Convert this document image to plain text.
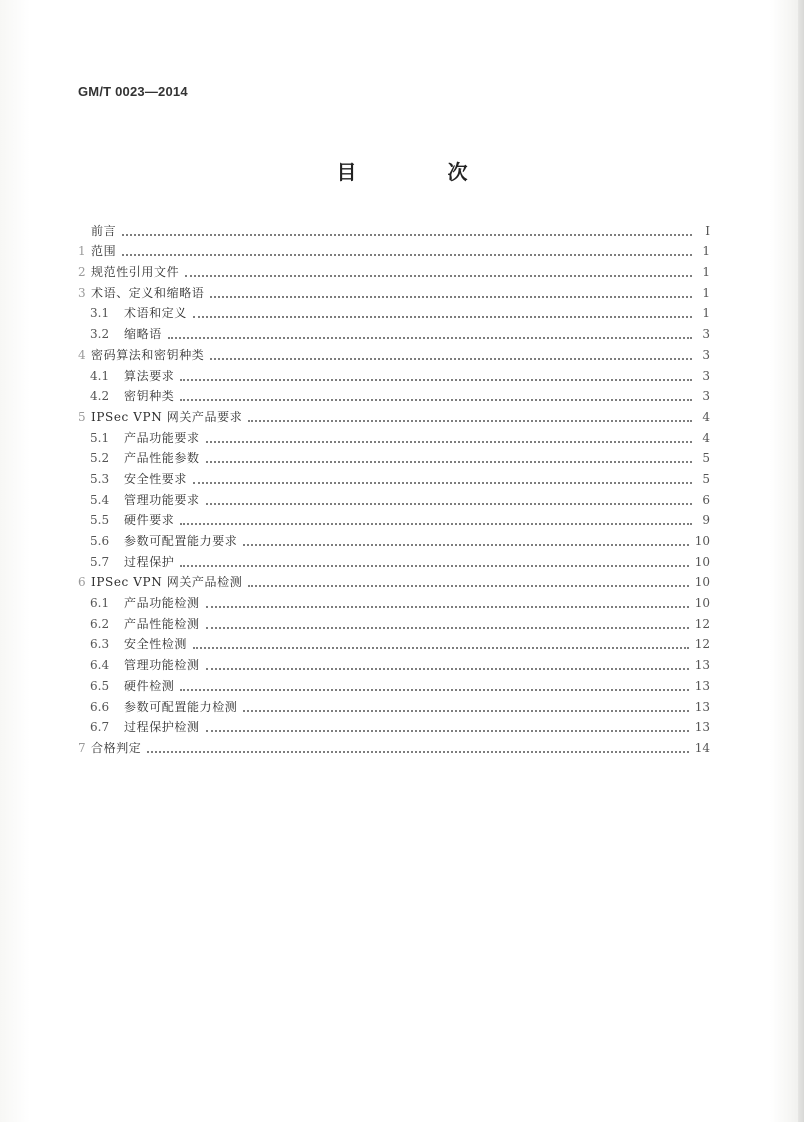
GM/T 0023—2014
目 次
前言	I
1 范围	1
2 规范性引用文件	1
3 术语、定义和缩略语	1
3.1	术语和定义	1
3.2	缩略语	3
4 密码算法和密钥种类	3
4.1	算法要求	3
4.2	密钥种类	3
5 IPSec VPN 网关产品要求	4
5.1	产品功能要求	4
5.2	产品性能参数	5
5.3	安全性要求	5
5.4	管理功能要求	6
5.5	硬件要求	9
5.6	参数可配置能力要求	10
5.7	过程保护	10
6 IPSec VPN 网关产品检测	10
6.1	产品功能检测	10
6.2	产品性能检测	12
6.3	安全性检测	12
6.4	管理功能检测	13
6.5	硬件检测	13
6.6	参数可配置能力检测	13
6.7	过程保护检测	13
7 合格判定	14
